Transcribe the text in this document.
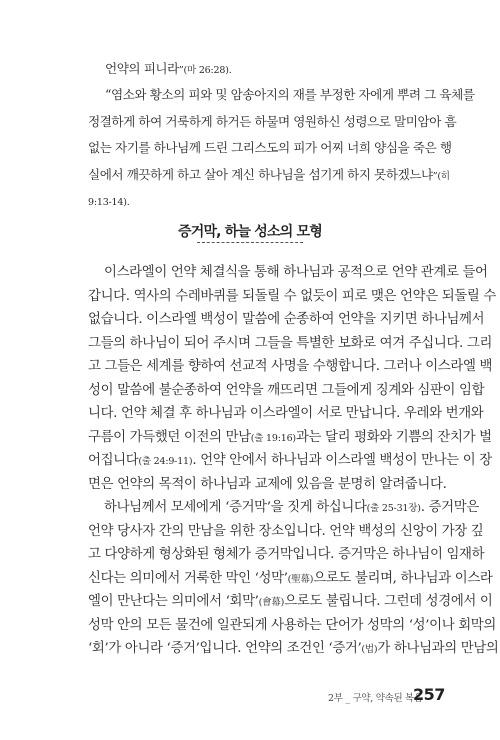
언약의 피니라”(마 26:28).
“염소와 황소의 피와 및 암송아지의 재를 부정한 자에게 뿌려 그 육체를
정결하게 하여 거룩하게 하거든 하물며 영원하신 성령으로 말미암아 흠
없는 자기를 하나님께 드린 그리스도의 피가 어찌 너희 양심을 죽은 행
실에서 깨끗하게 하고 살아 계신 하나님을 섬기게 하지 못하겠느냐”(히
9:13-14).
증거막, 하늘 성소의 모형
이스라엘이 언약 체결식을 통해 하나님과 공적으로 언약 관계로 들어
갑니다. 역사의 수레바퀴를 되돌릴 수 없듯이 피로 맺은 언약은 되돌릴 수
없습니다. 이스라엘 백성이 말씀에 순종하여 언약을 지키면 하나님께서
그들의 하나님이 되어 주시며 그들을 특별한 보화로 여겨 주십니다. 그리
고 그들은 세계를 향하여 선교적 사명을 수행합니다. 그러나 이스라엘 백
성이 말씀에 불순종하여 언약을 깨뜨리면 그들에게 징계와 심판이 임합
니다. 언약 체결 후 하나님과 이스라엘이 서로 만납니다. 우레와 번개와
구름이 가득했던 이전의 만남(출 19:16)과는 달리 평화와 기쁨의 잔치가 벌
어집니다(출 24:9-11). 언약 안에서 하나님과 이스라엘 백성이 만나는 이 장
면은 언약의 목적이 하나님과 교제에 있음을 분명히 알려줍니다.
하나님께서 모세에게 ‘증거막’을 짓게 하십니다(출 25-31장). 증거막은
언약 당사자 간의 만남을 위한 장소입니다. 언약 백성의 신앙이 가장 깊
고 다양하게 형상화된 형체가 증거막입니다. 증거막은 하나님이 임재하
신다는 의미에서 거룩한 막인 ‘성막’(聖幕)으로도 불리며, 하나님과 이스라
엘이 만난다는 의미에서 ‘회막’(會幕)으로도 불립니다. 그런데 성경에서 이
성막 안의 모든 물건에 일관되게 사용하는 단어가 성막의 ‘성’이나 회막의
‘회’가 아니라 ‘증거’입니다. 언약의 조건인 ‘증거’(법)가 하나님과의 만남의
2부 _ 구약, 약속된 복음
257
